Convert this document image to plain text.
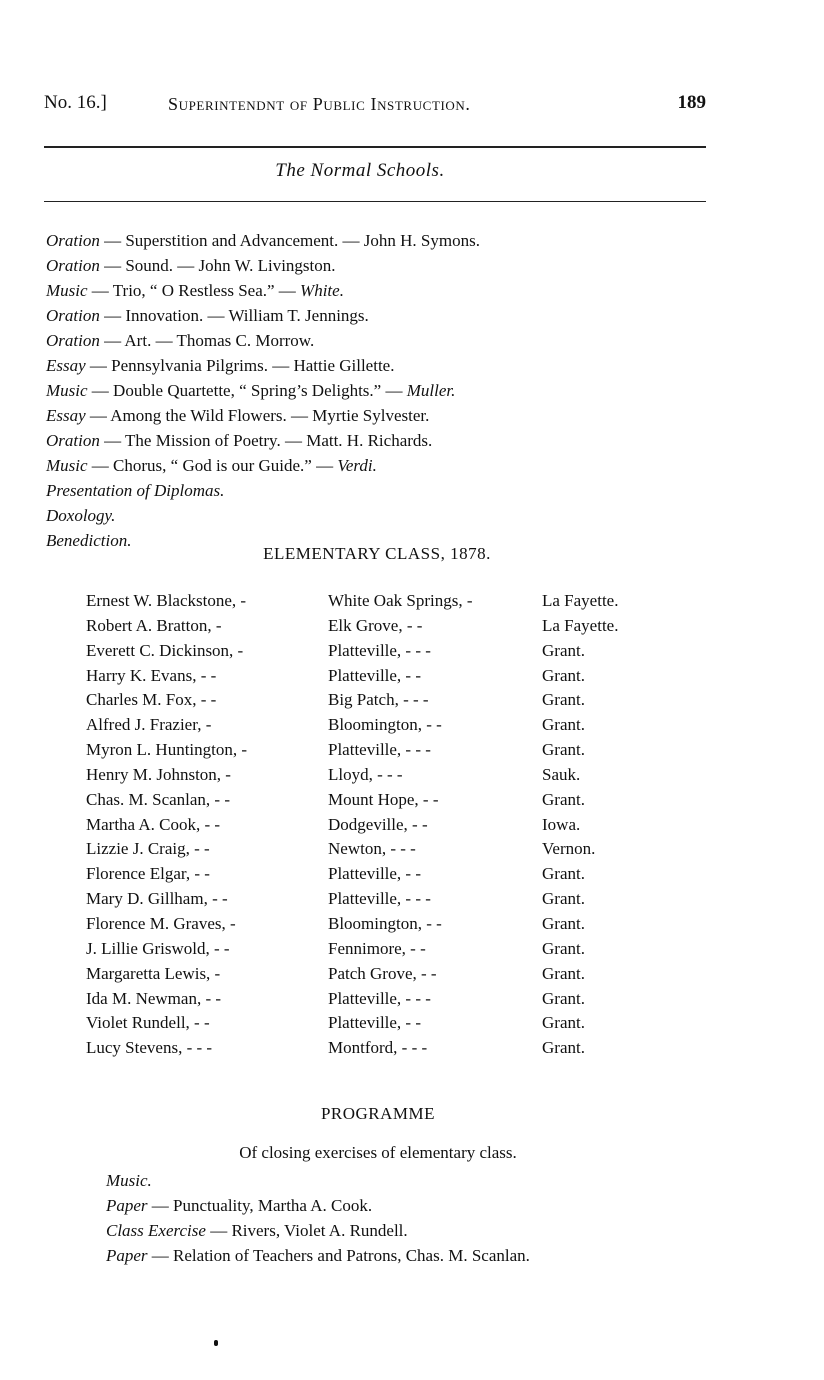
No. 16.]	Superintendnt of Public Instruction.	189
The Normal Schools.
Oration — Superstition and Advancement. — John H. Symons.
Oration — Sound. — John W. Livingston.
Music — Trio, “ O Restless Sea.” — White.
Oration — Innovation. — William T. Jennings.
Oration — Art. — Thomas C. Morrow.
Essay — Pennsylvania Pilgrims. — Hattie Gillette.
Music — Double Quartette, “ Spring’s Delights.” — Muller.
Essay — Among the Wild Flowers. — Myrtie Sylvester.
Oration — The Mission of Poetry. — Matt. H. Richards.
Music — Chorus, “ God is our Guide.” — Verdi.
Presentation of Diplomas.
Doxology.
Benediction.
ELEMENTARY CLASS, 1878.
Ernest W. Blackstone, -	White Oak Springs, -	La Fayette.
Robert A. Bratton, -	Elk Grove, - -	La Fayette.
Everett C. Dickinson, -	Platteville, - - -	Grant.
Harry K. Evans, - -	Platteville, - -	Grant.
Charles M. Fox, - -	Big Patch, - - -	Grant.
Alfred J. Frazier, -	Bloomington, - -	Grant.
Myron L. Huntington, -	Platteville, - - -	Grant.
Henry M. Johnston, -	Lloyd, - - -	Sauk.
Chas. M. Scanlan, - -	Mount Hope, - -	Grant.
Martha A. Cook, - -	Dodgeville, - -	Iowa.
Lizzie J. Craig, - -	Newton, - - -	Vernon.
Florence Elgar, - -	Platteville, - -	Grant.
Mary D. Gillham, - -	Platteville, - - -	Grant.
Florence M. Graves, -	Bloomington, - -	Grant.
J. Lillie Griswold, - -	Fennimore, - -	Grant.
Margaretta Lewis, -	Patch Grove, - -	Grant.
Ida M. Newman, - -	Platteville, - - -	Grant.
Violet Rundell, - -	Platteville, - -	Grant.
Lucy Stevens, - - -	Montford, - - -	Grant.
PROGRAMME
Of closing exercises of elementary class.
Music.
Paper — Punctuality, Martha A. Cook.
Class Exercise — Rivers, Violet A. Rundell.
Paper — Relation of Teachers and Patrons, Chas. M. Scanlan.
